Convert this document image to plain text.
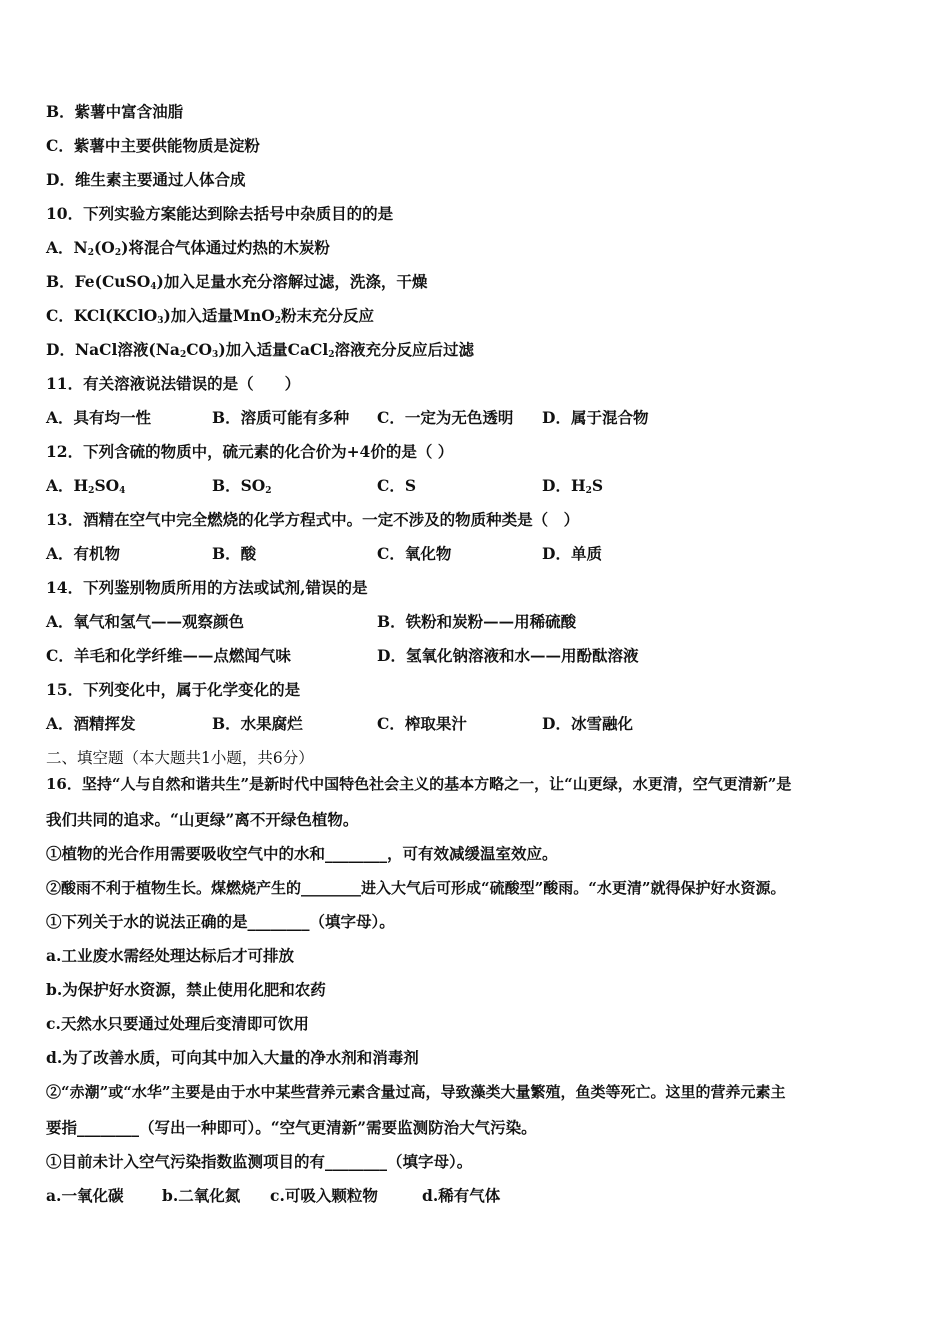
B．紫薯中富含油脂
C．紫薯中主要供能物质是淀粉
D．维生素主要通过人体合成
10．下列实验方案能达到除去括号中杂质目的的是
A．$N_2(O_2)$将混合气体通过灼热的木炭粉
B．Fe(CuSO$_4$)加入足量水充分溶解过滤，洗涤，干燥
C．KCl(KClO$_3$)加入适量MnO$_2$粉末充分反应
D．NaCl溶液$(Na_2CO_3)$加入适量CaCl$_2$溶液充分反应后过滤
11．有关溶液说法错误的是（　　）
A．具有均一性	B．溶质可能有多种 C．一定为无色透明 D．属于混合物
12．下列含硫的物质中，硫元素的化合价为+4价的是（ ）
A．$H_2SO_4$	B．$SO_2$	C．S	D．$H_2S$
13．酒精在空气中完全燃烧的化学方程式中。一定不涉及的物质种类是（　）
A．有机物	B．酸	C．氧化物	D．单质
14．下列鉴别物质所用的方法或试剂,错误的是
A．氧气和氢气——观察颜色	B．铁粉和炭粉——用稀硫酸
C．羊毛和化学纤维——点燃闻气味	D．氢氧化钠溶液和水——用酚酞溶液
15．下列变化中，属于化学变化的是
A．酒精挥发	B．水果腐烂	C．榨取果汁	D．冰雪融化
二、填空题（本大题共1小题，共6分）
16．坚持“人与自然和谐共生”是新时代中国特色社会主义的基本方略之一，让“山更绿，水更清，空气更清新”是
我们共同的追求。“山更绿”离不开绿色植物。
①植物的光合作用需要吸收空气中的水和________，可有效减缓温室效应。
②酸雨不利于植物生长。煤燃烧产生的________进入大气后可形成“硫酸型”酸雨。“水更清”就得保护好水资源。
①下列关于水的说法正确的是________（填字母）。
a.工业废水需经处理达标后才可排放
b.为保护好水资源，禁止使用化肥和农药
c.天然水只要通过处理后变清即可饮用
d.为了改善水质，可向其中加入大量的净水剂和消毒剂
②“赤潮”或“水华”主要是由于水中某些营养元素含量过高，导致藻类大量繁殖，鱼类等死亡。这里的营养元素主
要指________（写出一种即可）。“空气更清新”需要监测防治大气污染。
①目前未计入空气污染指数监测项目的有________（填字母）。
a.一氧化碳 b.二氧化氮 c.可吸入颗粒物	d.稀有气体
